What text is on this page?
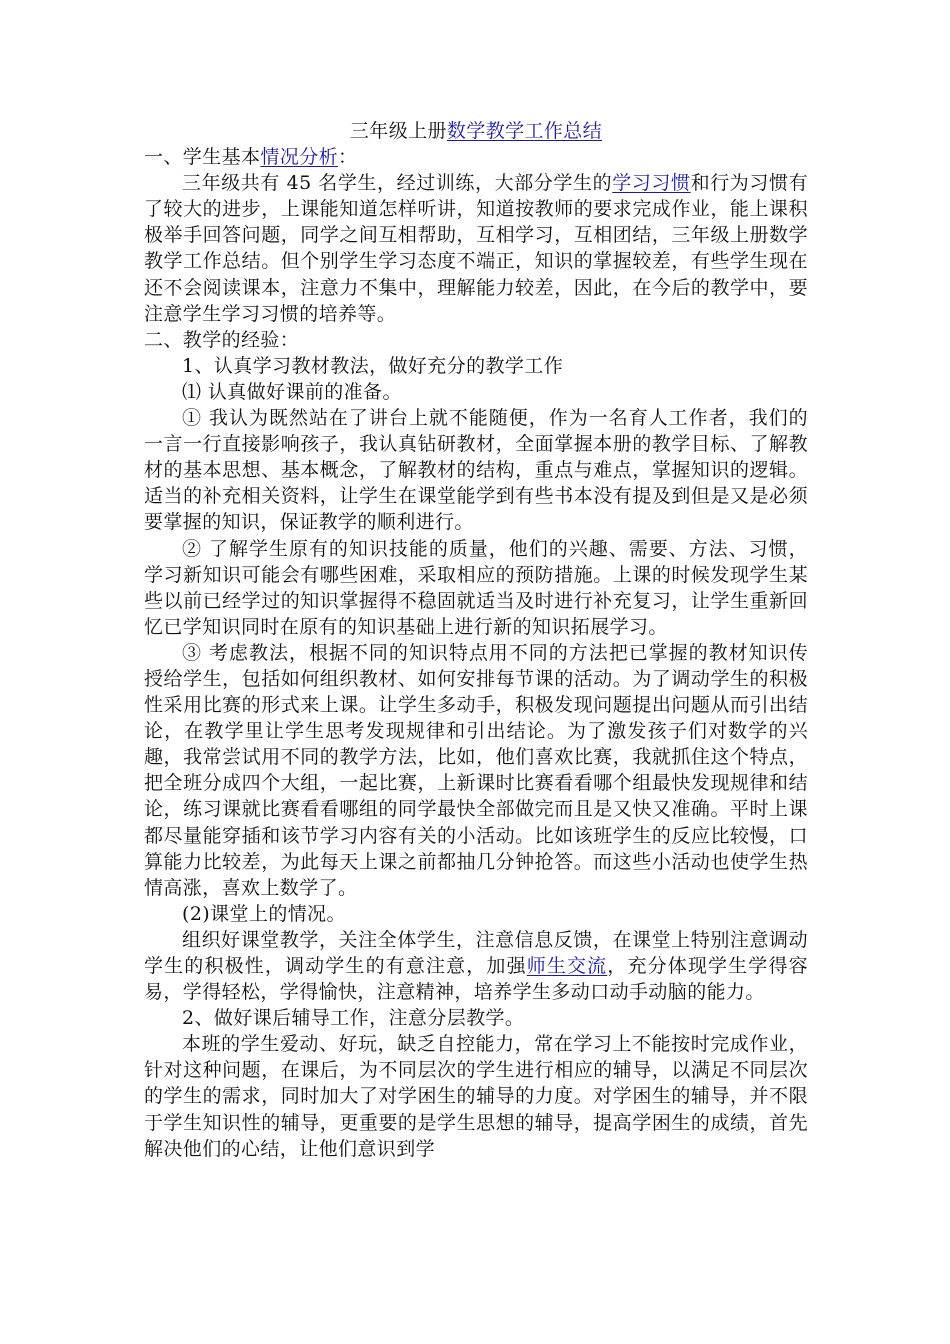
三年级上册数学教学工作总结

一、学生基本情况分析：

三年级共有 45 名学生，经过训练，大部分学生的学习习惯和行为习惯有了较大的进步，上课能知道怎样听讲，知道按教师的要求完成作业，能上课积极举手回答问题，同学之间互相帮助，互相学习，互相团结，三年级上册数学教学工作总结。但个别学生学习态度不端正，知识的掌握较差，有些学生现在还不会阅读课本，注意力不集中，理解能力较差，因此，在今后的教学中，要注意学生学习习惯的培养等。

二、教学的经验：

1、认真学习教材教法，做好充分的教学工作

⑴ 认真做好课前的准备。

① 我认为既然站在了讲台上就不能随便，作为一名育人工作者，我们的一言一行直接影响孩子，我认真钻研教材，全面掌握本册的教学目标、了解教材的基本思想、基本概念，了解教材的结构，重点与难点，掌握知识的逻辑。适当的补充相关资料，让学生在课堂能学到有些书本没有提及到但是又是必须要掌握的知识，保证教学的顺利进行。

② 了解学生原有的知识技能的质量，他们的兴趣、需要、方法、习惯，学习新知识可能会有哪些困难，采取相应的预防措施。上课的时候发现学生某些以前已经学过的知识掌握得不稳固就适当及时进行补充复习，让学生重新回忆已学知识同时在原有的知识基础上进行新的知识拓展学习。

③ 考虑教法，根据不同的知识特点用不同的方法把已掌握的教材知识传授给学生，包括如何组织教材、如何安排每节课的活动。为了调动学生的积极性采用比赛的形式来上课。让学生多动手，积极发现问题提出问题从而引出结论，在教学里让学生思考发现规律和引出结论。为了激发孩子们对数学的兴趣，我常尝试用不同的教学方法，比如，他们喜欢比赛，我就抓住这个特点，把全班分成四个大组，一起比赛，上新课时比赛看看哪个组最快发现规律和结论，练习课就比赛看看哪组的同学最快全部做完而且是又快又准确。平时上课都尽量能穿插和该节学习内容有关的小活动。比如该班学生的反应比较慢，口算能力比较差，为此每天上课之前都抽几分钟抢答。而这些小活动也使学生热情高涨，喜欢上数学了。

(2)课堂上的情况。

组织好课堂教学，关注全体学生，注意信息反馈，在课堂上特别注意调动学生的积极性，调动学生的有意注意，加强师生交流，充分体现学生学得容易，学得轻松，学得愉快，注意精神，培养学生多动口动手动脑的能力。

2、做好课后辅导工作，注意分层教学。

本班的学生爱动、好玩，缺乏自控能力，常在学习上不能按时完成作业，针对这种问题，在课后，为不同层次的学生进行相应的辅导，以满足不同层次的学生的需求，同时加大了对学困生的辅导的力度。对学困生的辅导，并不限于学生知识性的辅导，更重要的是学生思想的辅导，提高学困生的成绩，首先解决他们的心结，让他们意识到学
